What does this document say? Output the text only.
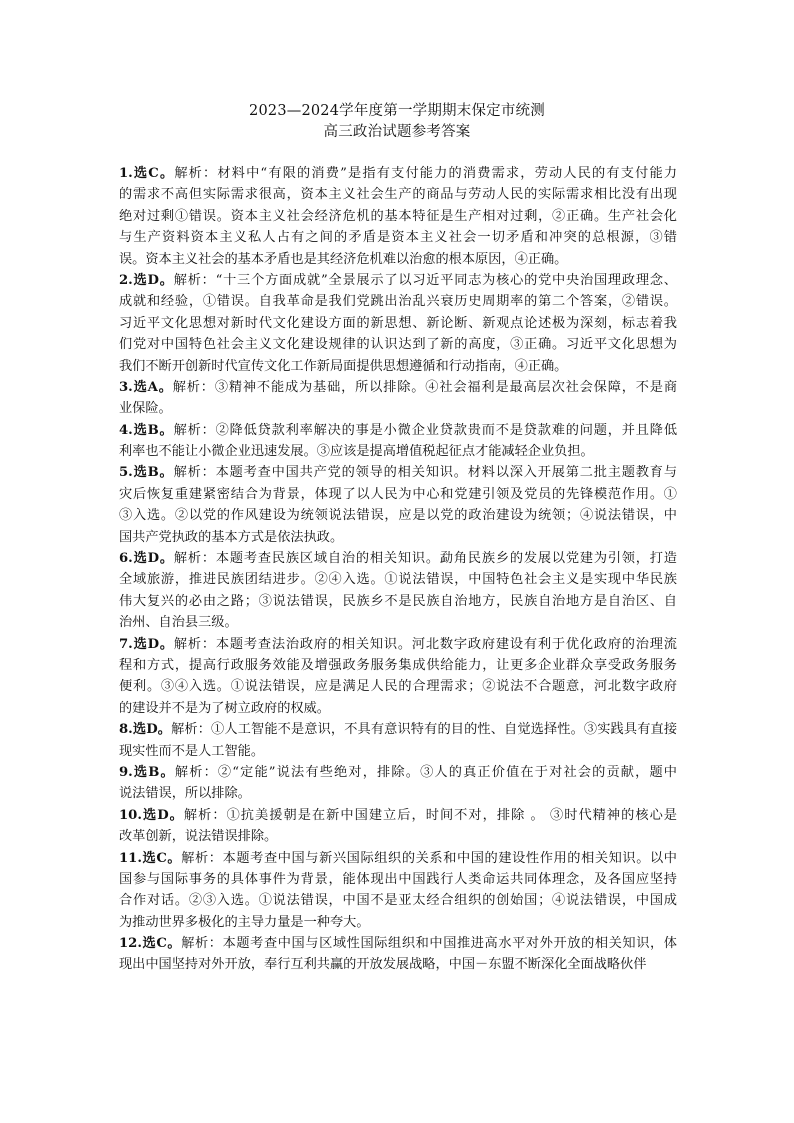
2023—2024学年度第一学期期末保定市统测
高三政治试题参考答案
1.选C。解析：材料中“有限的消费”是指有支付能力的消费需求，劳动人民的有支付能力
的需求不高但实际需求很高，资本主义社会生产的商品与劳动人民的实际需求相比没有出现
绝对过剩①错误。资本主义社会经济危机的基本特征是生产相对过剩，②正确。生产社会化
与生产资料资本主义私人占有之间的矛盾是资本主义社会一切矛盾和冲突的总根源，③错
误。资本主义社会的基本矛盾也是其经济危机难以治愈的根本原因，④正确。
2.选D。解析：“十三个方面成就”全景展示了以习近平同志为核心的党中央治国理政理念、
成就和经验，①错误。自我革命是我们党跳出治乱兴衰历史周期率的第二个答案，②错误。
习近平文化思想对新时代文化建设方面的新思想、新论断、新观点论述极为深刻，标志着我
们党对中国特色社会主义文化建设规律的认识达到了新的高度，③正确。习近平文化思想为
我们不断开创新时代宣传文化工作新局面提供思想遵循和行动指南，④正确。
3.选A。解析：③精神不能成为基础，所以排除。④社会福利是最高层次社会保障，不是商
业保险。
4.选B。解析：②降低贷款利率解决的事是小微企业贷款贵而不是贷款难的问题，并且降低
利率也不能让小微企业迅速发展。③应该是提高增值税起征点才能减轻企业负担。
5.选B。解析：本题考查中国共产党的领导的相关知识。材料以深入开展第二批主题教育与
灾后恢复重建紧密结合为背景，体现了以人民为中心和党建引领及党员的先锋模范作用。①
③入选。②以党的作风建设为统领说法错误，应是以党的政治建设为统领；④说法错误，中
国共产党执政的基本方式是依法执政。
6.选D。解析：本题考查民族区域自治的相关知识。勐角民族乡的发展以党建为引领，打造
全域旅游，推进民族团结进步。②④入选。①说法错误，中国特色社会主义是实现中华民族
伟大复兴的必由之路；③说法错误，民族乡不是民族自治地方，民族自治地方是自治区、自
治州、自治县三级。
7.选D。解析：本题考查法治政府的相关知识。河北数字政府建设有利于优化政府的治理流
程和方式，提高行政服务效能及增强政务服务集成供给能力，让更多企业群众享受政务服务
便利。③④入选。①说法错误，应是满足人民的合理需求；②说法不合题意，河北数字政府
的建设并不是为了树立政府的权威。
8.选D。解析：①人工智能不是意识，不具有意识特有的目的性、自觉选择性。③实践具有直接
现实性而不是人工智能。
9.选B。解析：②“定能”说法有些绝对，排除。③人的真正价值在于对社会的贡献，题中
说法错误，所以排除。
10.选D。解析：①抗美援朝是在新中国建立后，时间不对，排除 。 ③时代精神的核心是
改革创新，说法错误排除。
11.选C。解析：本题考查中国与新兴国际组织的关系和中国的建设性作用的相关知识。以中
国参与国际事务的具体事件为背景，能体现出中国践行人类命运共同体理念，及各国应坚持
合作对话。②③入选。①说法错误，中国不是亚太经合组织的创始国；④说法错误，中国成
为推动世界多极化的主导力量是一种夸大。
12.选C。解析：本题考查中国与区域性国际组织和中国推进高水平对外开放的相关知识，体
现出中国坚持对外开放，奉行互利共赢的开放发展战略，中国－东盟不断深化全面战略伙伴
